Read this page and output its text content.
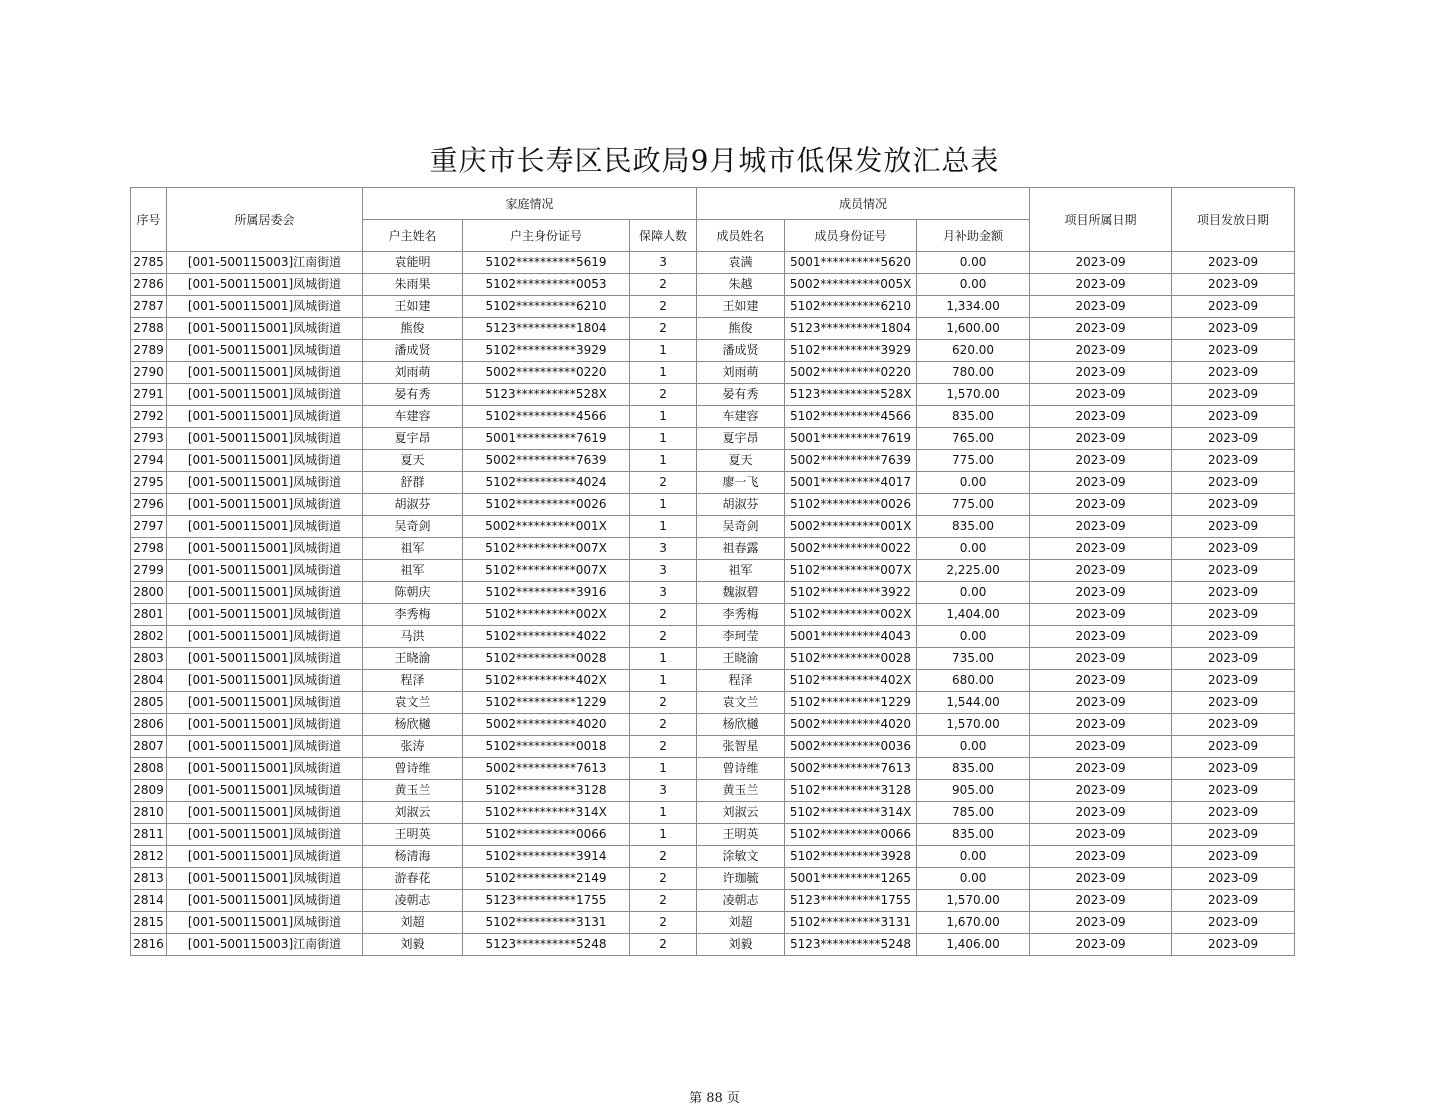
重庆市长寿区民政局9月城市低保发放汇总表
序号	所属居委会	家庭情况			成员情况			项目所属日期	项目发放日期
		户主姓名	户主身份证号	保障人数	成员姓名	成员身份证号	月补助金额		
2785	[001-500115003]江南街道	袁能明	5102**********5619	3	袁满	5001**********5620	0.00	2023-09	2023-09
2786	[001-500115001]凤城街道	朱雨果	5102**********0053	2	朱越	5002**********005X	0.00	2023-09	2023-09
2787	[001-500115001]凤城街道	王如建	5102**********6210	2	王如建	5102**********6210	1,334.00	2023-09	2023-09
2788	[001-500115001]凤城街道	熊俊	5123**********1804	2	熊俊	5123**********1804	1,600.00	2023-09	2023-09
2789	[001-500115001]凤城街道	潘成贤	5102**********3929	1	潘成贤	5102**********3929	620.00	2023-09	2023-09
2790	[001-500115001]凤城街道	刘雨萌	5002**********0220	1	刘雨萌	5002**********0220	780.00	2023-09	2023-09
2791	[001-500115001]凤城街道	晏有秀	5123**********528X	2	晏有秀	5123**********528X	1,570.00	2023-09	2023-09
2792	[001-500115001]凤城街道	车建容	5102**********4566	1	车建容	5102**********4566	835.00	2023-09	2023-09
2793	[001-500115001]凤城街道	夏宇昂	5001**********7619	1	夏宇昂	5001**********7619	765.00	2023-09	2023-09
2794	[001-500115001]凤城街道	夏天	5002**********7639	1	夏天	5002**********7639	775.00	2023-09	2023-09
2795	[001-500115001]凤城街道	舒群	5102**********4024	2	廖一飞	5001**********4017	0.00	2023-09	2023-09
2796	[001-500115001]凤城街道	胡淑芬	5102**********0026	1	胡淑芬	5102**********0026	775.00	2023-09	2023-09
2797	[001-500115001]凤城街道	吴奇剑	5002**********001X	1	吴奇剑	5002**********001X	835.00	2023-09	2023-09
2798	[001-500115001]凤城街道	祖军	5102**********007X	3	祖春露	5002**********0022	0.00	2023-09	2023-09
2799	[001-500115001]凤城街道	祖军	5102**********007X	3	祖军	5102**********007X	2,225.00	2023-09	2023-09
2800	[001-500115001]凤城街道	陈朝庆	5102**********3916	3	魏淑碧	5102**********3922	0.00	2023-09	2023-09
2801	[001-500115001]凤城街道	李秀梅	5102**********002X	2	李秀梅	5102**********002X	1,404.00	2023-09	2023-09
2802	[001-500115001]凤城街道	马洪	5102**********4022	2	李珂莹	5001**********4043	0.00	2023-09	2023-09
2803	[001-500115001]凤城街道	王晓渝	5102**********0028	1	王晓渝	5102**********0028	735.00	2023-09	2023-09
2804	[001-500115001]凤城街道	程泽	5102**********402X	1	程泽	5102**********402X	680.00	2023-09	2023-09
2805	[001-500115001]凤城街道	袁文兰	5102**********1229	2	袁文兰	5102**********1229	1,544.00	2023-09	2023-09
2806	[001-500115001]凤城街道	杨欣樾	5002**********4020	2	杨欣樾	5002**********4020	1,570.00	2023-09	2023-09
2807	[001-500115001]凤城街道	张涛	5102**********0018	2	张智星	5002**********0036	0.00	2023-09	2023-09
2808	[001-500115001]凤城街道	曾诗维	5002**********7613	1	曾诗维	5002**********7613	835.00	2023-09	2023-09
2809	[001-500115001]凤城街道	黄玉兰	5102**********3128	3	黄玉兰	5102**********3128	905.00	2023-09	2023-09
2810	[001-500115001]凤城街道	刘淑云	5102**********314X	1	刘淑云	5102**********314X	785.00	2023-09	2023-09
2811	[001-500115001]凤城街道	王明英	5102**********0066	1	王明英	5102**********0066	835.00	2023-09	2023-09
2812	[001-500115001]凤城街道	杨清海	5102**********3914	2	涂敏文	5102**********3928	0.00	2023-09	2023-09
2813	[001-500115001]凤城街道	游春花	5102**********2149	2	许珈毓	5001**********1265	0.00	2023-09	2023-09
2814	[001-500115001]凤城街道	凌朝志	5123**********1755	2	凌朝志	5123**********1755	1,570.00	2023-09	2023-09
2815	[001-500115001]凤城街道	刘超	5102**********3131	2	刘超	5102**********3131	1,670.00	2023-09	2023-09
2816	[001-500115003]江南街道	刘毅	5123**********5248	2	刘毅	5123**********5248	1,406.00	2023-09	2023-09
第 88 页
